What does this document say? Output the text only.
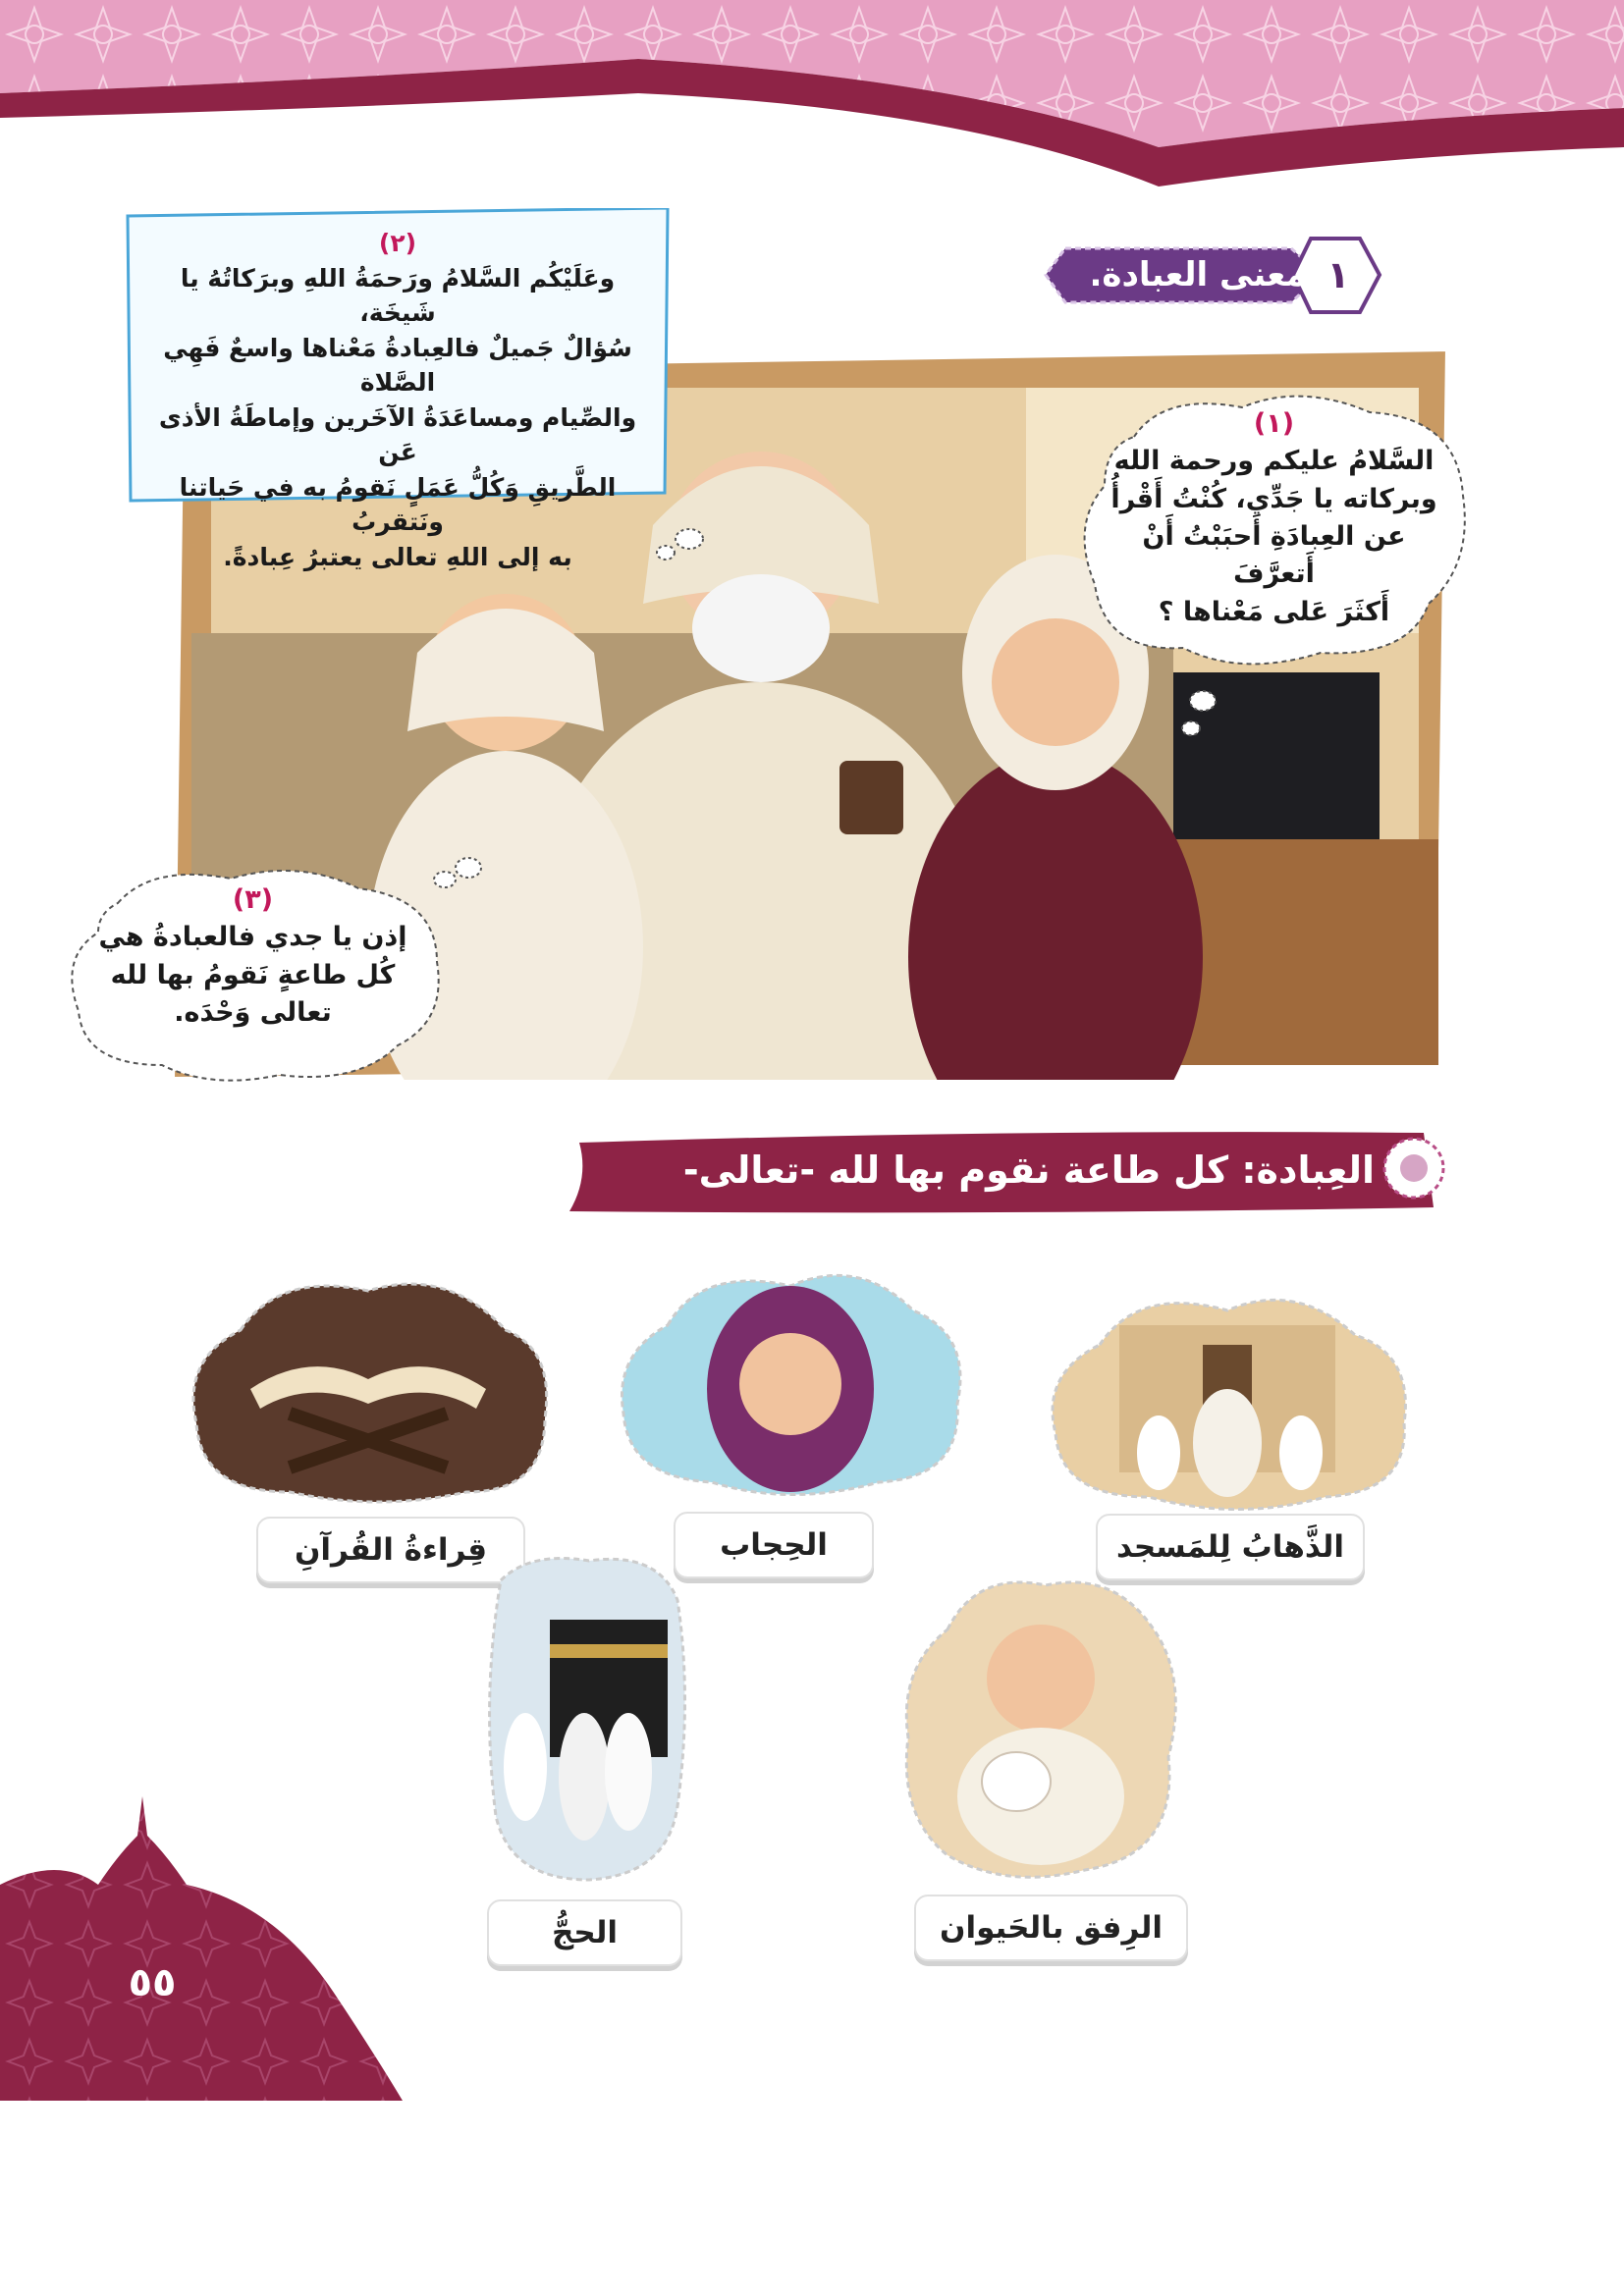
معنى العبادة. ١
(٢)
وعَلَيْكُم السَّلامُ ورَحمَةُ اللهِ وبرَكاتُهُ يا شَيخَة،
سُؤالٌ جَميلٌ فالعِبادةُ مَعْناها واسعٌ فَهِي الصَّلاة
والصِّيام ومساعَدَةُ الآخَرين وإماطَةُ الأذى عَن
الطَّريقِ وَكُلُّ عَمَلٍ نَقومُ به في حَياتنا ونَتقربُ
به إلى اللهِ تعالى يعتبرُ عِبادةً.
(١)
السَّلامُ عليكم ورحمة الله
وبركاته يا جَدِّي، كُنْتُ أَقْرأُ
عن العِبادَةِ أَحبَبْتُ أَنْ أَتعرَّفَ
أَكثَرَ عَلى مَعْناها ؟
(٣)
إذن يا جدي فالعبادةُ هي
كُل طاعةٍ نَقومُ بها لله
تعالى وَحْدَه.
العِبادة: كل طاعة نقوم بها لله -تعالى- وحده.
الذَّهابُ لِلمَسجد
الحِجاب
قِراءةُ القُرآنِ
الرِفق بالحَيوان
الحجُّ
٥٥
